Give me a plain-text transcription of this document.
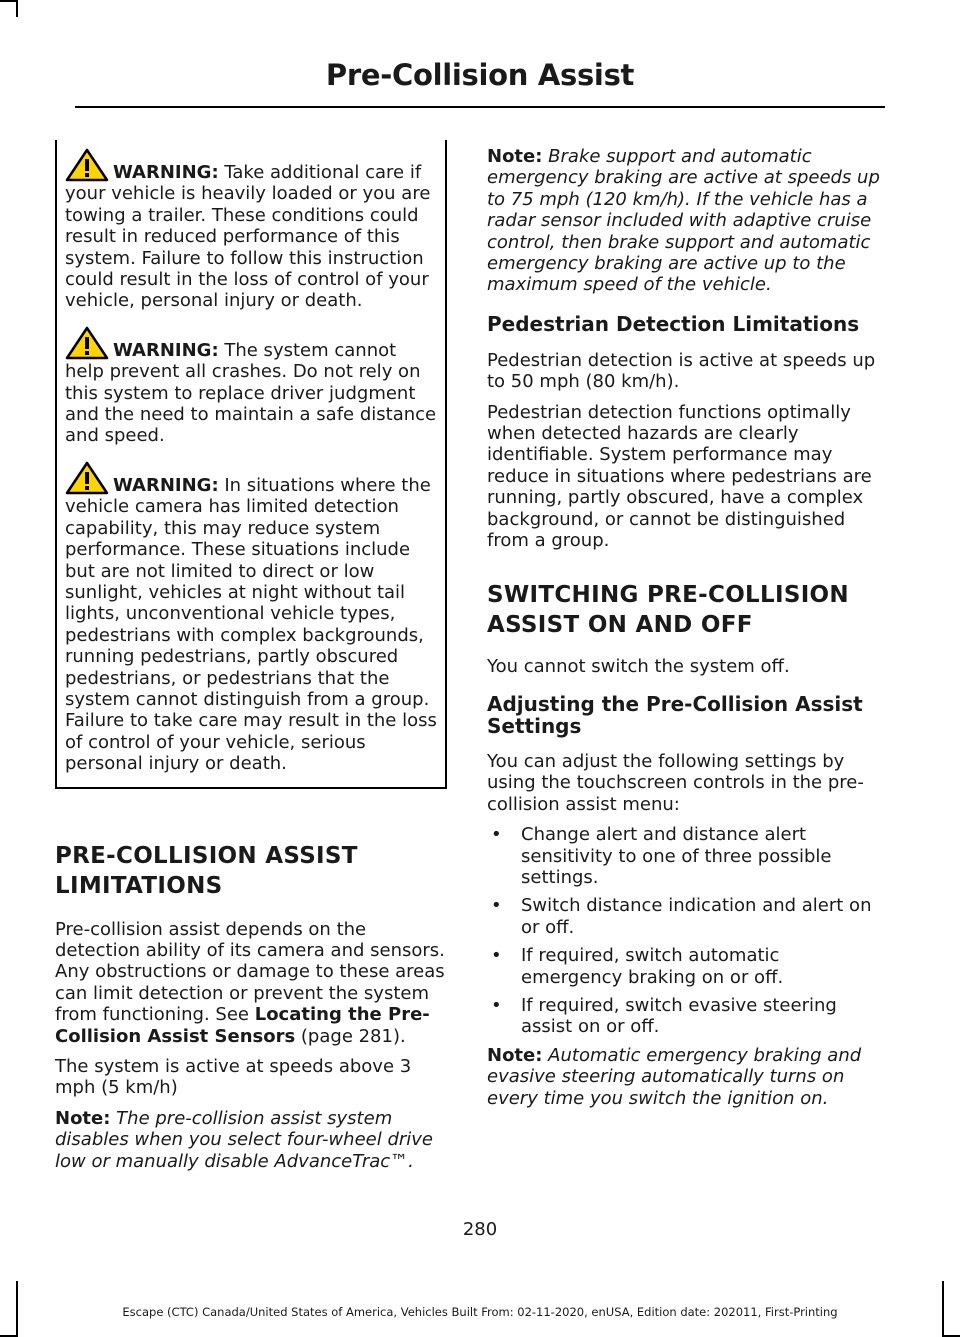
Pre-Collision Assist

WARNING: Take additional care if your vehicle is heavily loaded or you are towing a trailer. These conditions could result in reduced performance of this system. Failure to follow this instruction could result in the loss of control of your vehicle, personal injury or death.

WARNING: The system cannot help prevent all crashes. Do not rely on this system to replace driver judgment and the need to maintain a safe distance and speed.

WARNING: In situations where the vehicle camera has limited detection capability, this may reduce system performance. These situations include but are not limited to direct or low sunlight, vehicles at night without tail lights, unconventional vehicle types, pedestrians with complex backgrounds, running pedestrians, partly obscured pedestrians, or pedestrians that the system cannot distinguish from a group. Failure to take care may result in the loss of control of your vehicle, serious personal injury or death.

PRE-COLLISION ASSIST
LIMITATIONS

Pre-collision assist depends on the detection ability of its camera and sensors. Any obstructions or damage to these areas can limit detection or prevent the system from functioning. See Locating the Pre-Collision Assist Sensors (page 281).

The system is active at speeds above 3 mph (5 km/h)

Note: The pre-collision assist system disables when you select four-wheel drive low or manually disable AdvanceTrac™.

Note: Brake support and automatic emergency braking are active at speeds up to 75 mph (120 km/h). If the vehicle has a radar sensor included with adaptive cruise control, then brake support and automatic emergency braking are active up to the maximum speed of the vehicle.

Pedestrian Detection Limitations

Pedestrian detection is active at speeds up to 50 mph (80 km/h).

Pedestrian detection functions optimally when detected hazards are clearly identifiable. System performance may reduce in situations where pedestrians are running, partly obscured, have a complex background, or cannot be distinguished from a group.

SWITCHING PRE-COLLISION
ASSIST ON AND OFF

You cannot switch the system off.

Adjusting the Pre-Collision Assist Settings

You can adjust the following settings by using the touchscreen controls in the pre-collision assist menu:

• Change alert and distance alert sensitivity to one of three possible settings.
• Switch distance indication and alert on or off.
• If required, switch automatic emergency braking on or off.
• If required, switch evasive steering assist on or off.

Note: Automatic emergency braking and evasive steering automatically turns on every time you switch the ignition on.

280
Escape (CTC) Canada/United States of America, Vehicles Built From: 02-11-2020, enUSA, Edition date: 202011, First-Printing
